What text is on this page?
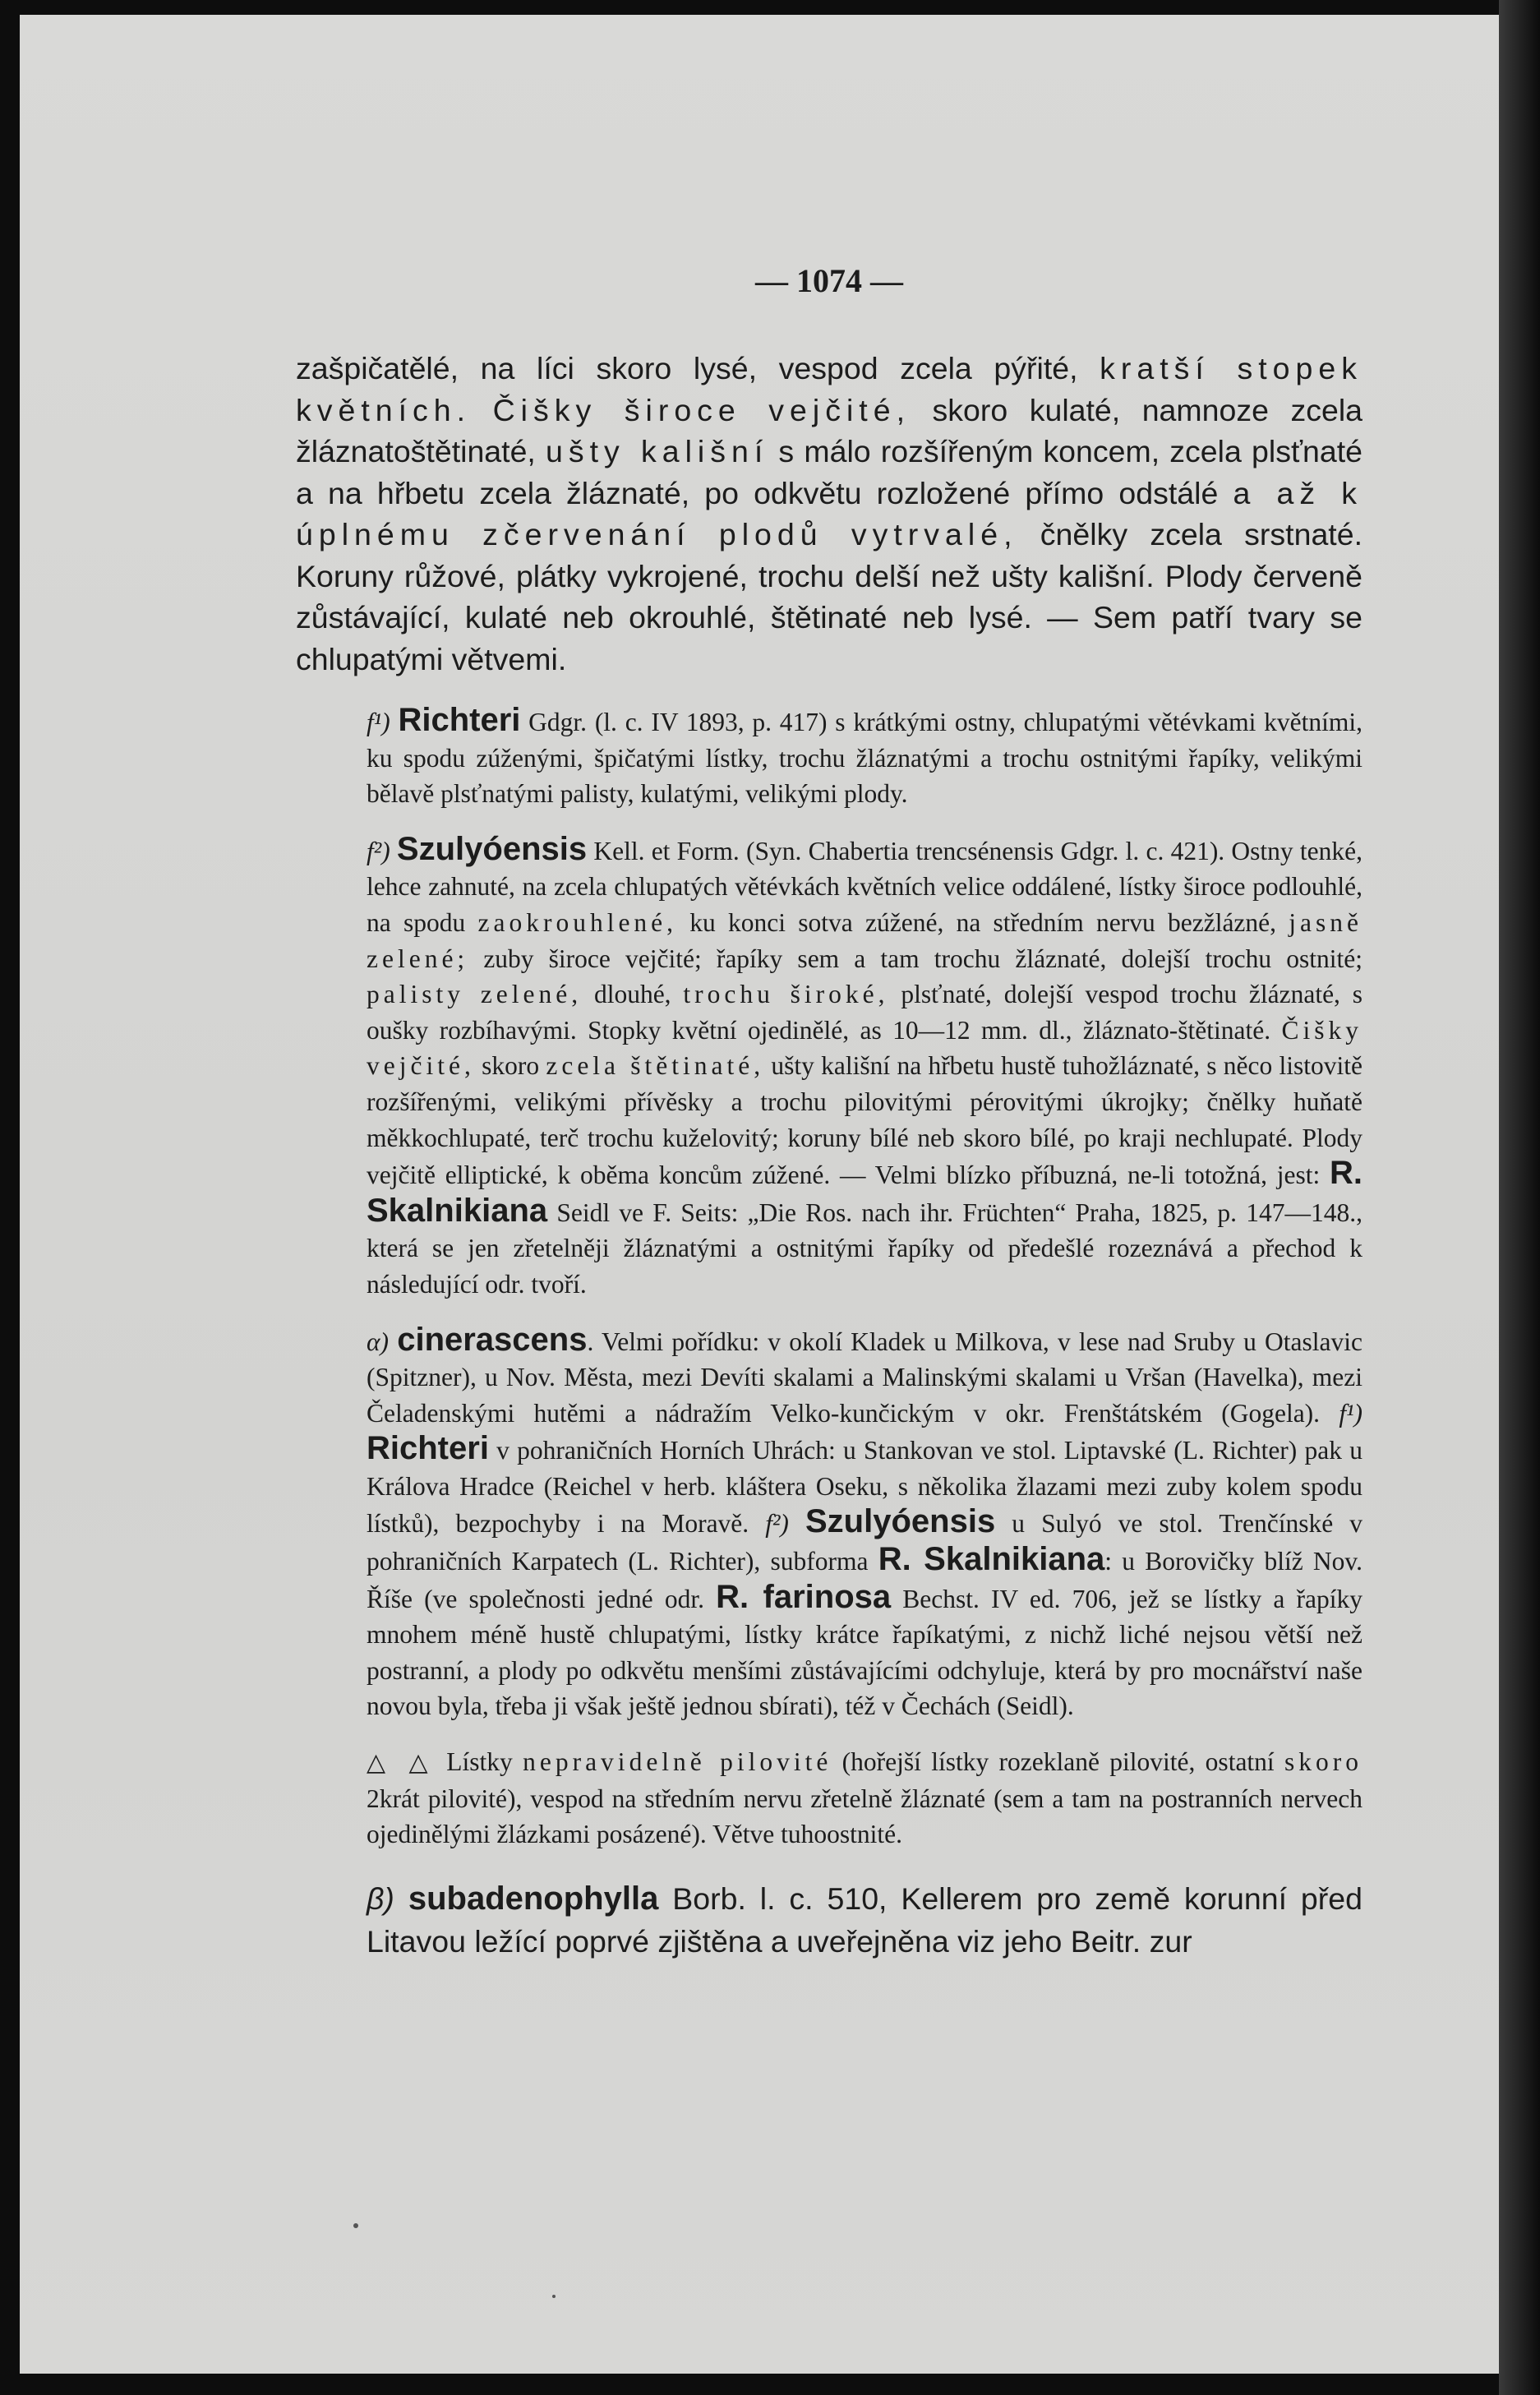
— 1074 —
zašpičatělé, na líci skoro lysé, vespod zcela pýřité, kratší stopek květních. Čišky široce vejčité, skoro kulaté, namnoze zcela žláznatoštětinaté, ušty kališní s málo rozšířeným koncem, zcela plsťnaté a na hřbetu zcela žláznaté, po odkvětu rozložené přímo odstálé a až k úplnému zčervenání plodů vytrvalé, čnělky zcela srstnaté. Koruny růžové, plátky vykrojené, trochu delší než ušty kališní. Plody červeně zůstávající, kulaté neb okrouhlé, štětinaté neb lysé. — Sem patří tvary se chlupatými větvemi.
f¹) Richteri Gdgr. (l. c. IV 1893, p. 417) s krátkými ostny, chlupatými větévkami květními, ku spodu zúženými, špičatými lístky, trochu žláznatými a trochu ostnitými řapíky, velikými bělavě plsťnatými palisty, kulatými, velikými plody.
f²) Szulyóensis Kell. et Form. (Syn. Chabertia trencsénensis Gdgr. l. c. 421). Ostny tenké, lehce zahnuté, na zcela chlupatých větévkách květních velice oddálené, lístky široce podlouhlé, na spodu zaokrouhlené, ku konci sotva zúžené, na středním nervu bezžlázné, jasně zelené; zuby široce vejčité; řapíky sem a tam trochu žláznaté, dolejší trochu ostnité; palisty zelené, dlouhé, trochu široké, plsťnaté, dolejší vespod trochu žláznaté, s oušky rozbíhavými. Stopky květní ojedinělé, as 10—12 mm. dl., žláznato-štětinaté. Čišky vejčité, skoro zcela štětinaté, ušty kališní na hřbetu hustě tuhožláznaté, s něco listovitě rozšířenými, velikými přívěsky a trochu pilovitými pérovitými úkrojky; čnělky huňatě měkkochlupaté, terč trochu kuželovitý; koruny bílé neb skoro bílé, po kraji nechlupaté. Plody vejčitě elliptické, k oběma koncům zúžené. — Velmi blízko příbuzná, ne-li totožná, jest: R. Skalnikiana Seidl ve F. Seits: „Die Ros. nach ihr. Früchten“ Praha, 1825, p. 147—148., která se jen zřetelněji žláznatými a ostnitými řapíky od předešlé rozeznává a přechod k následující odr. tvoří.
α) cinerascens. Velmi pořídku: v okolí Kladek u Milkova, v lese nad Sruby u Otaslavic (Spitzner), u Nov. Města, mezi Devíti skalami a Malinskými skalami u Vršan (Havelka), mezi Čeladenskými hutěmi a nádražím Velko-kunčickým v okr. Frenštátském (Gogela). f¹) Richteri v pohraničních Horních Uhrách: u Stankovan ve stol. Liptavské (L. Richter) pak u Králova Hradce (Reichel v herb. kláštera Oseku, s několika žlazami mezi zuby kolem spodu lístků), bezpochyby i na Moravě. f²) Szulyóensis u Sulyó ve stol. Trenčínské v pohraničních Karpatech (L. Richter), subforma R. Skalnikiana: u Borovičky blíž Nov. Říše (ve společnosti jedné odr. R. farinosa Bechst. IV ed. 706, jež se lístky a řapíky mnohem méně hustě chlupatými, lístky krátce řapíkatými, z nichž liché nejsou větší než postranní, a plody po odkvětu menšími zůstávajícími odchyluje, která by pro mocnářství naše novou byla, třeba ji však ještě jednou sbírati), též v Čechách (Seidl).
△ △ Lístky nepravidelně pilovité (hořejší lístky rozeklaně pilovité, ostatní skoro 2krát pilovité), vespod na středním nervu zřetelně žláznaté (sem a tam na postranních nervech ojedinělými žlázkami posázené). Větve tuhoostnité.
β) subadenophylla Borb. l. c. 510, Kellerem pro země korunní před Litavou ležící poprvé zjištěna a uveřejněna viz jeho Beitr. zur
